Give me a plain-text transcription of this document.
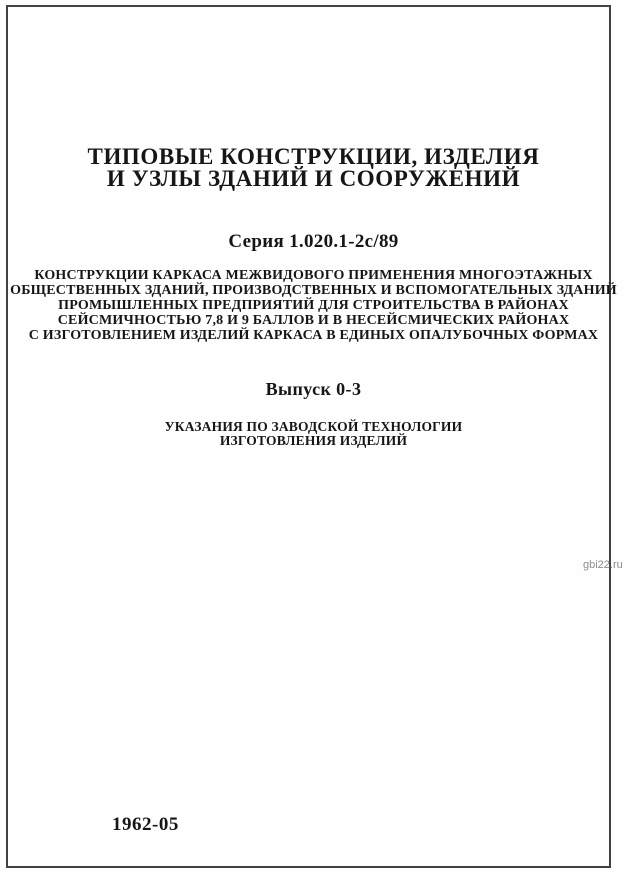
ТИПОВЫЕ КОНСТРУКЦИИ, ИЗДЕЛИЯ
И УЗЛЫ ЗДАНИЙ И СООРУЖЕНИЙ
Серия 1.020.1-2с/89
КОНСТРУКЦИИ КАРКАСА МЕЖВИДОВОГО ПРИМЕНЕНИЯ МНОГОЭТАЖНЫХ
ОБЩЕСТВЕННЫХ ЗДАНИЙ, ПРОИЗВОДСТВЕННЫХ И ВСПОМОГАТЕЛЬНЫХ ЗДАНИЙ
ПРОМЫШЛЕННЫХ ПРЕДПРИЯТИЙ ДЛЯ СТРОИТЕЛЬСТВА В РАЙОНАХ
СЕЙСМИЧНОСТЬЮ 7,8 И 9 БАЛЛОВ И В НЕСЕЙСМИЧЕСКИХ РАЙОНАХ
С ИЗГОТОВЛЕНИЕМ ИЗДЕЛИЙ КАРКАСА В ЕДИНЫХ ОПАЛУБОЧНЫХ ФОРМАХ
Выпуск 0-3
УКАЗАНИЯ ПО ЗАВОДСКОЙ ТЕХНОЛОГИИ
ИЗГОТОВЛЕНИЯ ИЗДЕЛИЙ
1962-05
gbi22.ru
